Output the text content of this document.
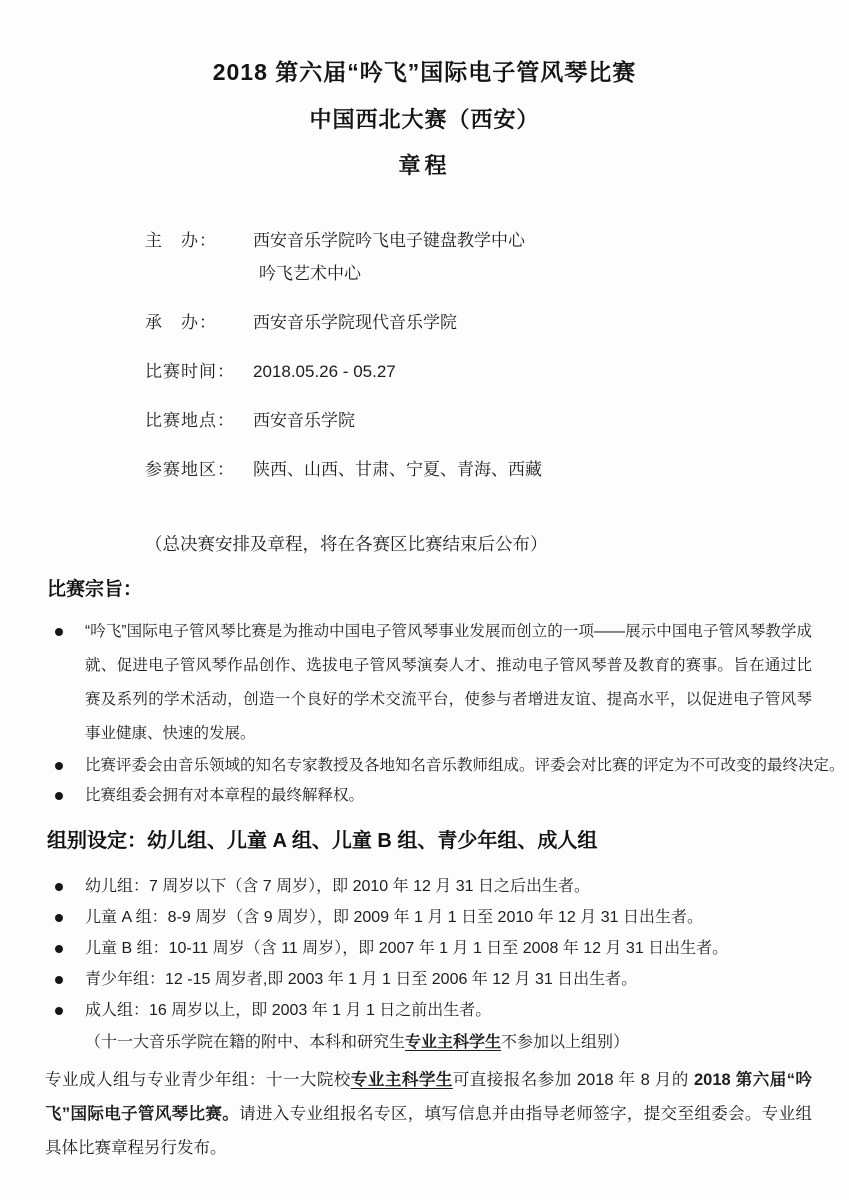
2018 第六届“吟飞”国际电子管风琴比赛
中国西北大赛（西安）
章程
主　办：	西安音乐学院吟飞电子键盘教学中心
吟飞艺术中心
承　办：	西安音乐学院现代音乐学院
比赛时间：	2018.05.26 - 05.27
比赛地点：	西安音乐学院
参赛地区：	陕西、山西、甘肃、宁夏、青海、西藏

（总决赛安排及章程，将在各赛区比赛结束后公布）

比赛宗旨：
“吟飞”国际电子管风琴比赛是为推动中国电子管风琴事业发展而创立的一项——展示中国电子管风琴教学成就、促进电子管风琴作品创作、选拔电子管风琴演奏人才、推动电子管风琴普及教育的赛事。旨在通过比赛及系列的学术活动，创造一个良好的学术交流平台，使参与者增进友谊、提高水平，以促进电子管风琴事业健康、快速的发展。
比赛评委会由音乐领域的知名专家教授及各地知名音乐教师组成。评委会对比赛的评定为不可改变的最终决定。
比赛组委会拥有对本章程的最终解释权。
组别设定：幼儿组、儿童 A 组、儿童 B 组、青少年组、成人组
幼儿组：7 周岁以下（含 7 周岁），即 2010 年 12 月 31 日之后出生者。
儿童 A 组：8-9 周岁（含 9 周岁），即 2009 年 1 月 1 日至 2010 年 12 月 31 日出生者。
儿童 B 组：10-11 周岁（含 11 周岁），即 2007 年 1 月 1 日至 2008 年 12 月 31 日出生者。
青少年组：12 -15 周岁者,即 2003 年 1 月 1 日至 2006 年 12 月 31 日出生者。
成人组：16 周岁以上，即 2003 年 1 月 1 日之前出生者。

（十一大音乐学院在籍的附中、本科和研究生专业主科学生不参加以上组别）

专业成人组与专业青少年组：十一大院校专业主科学生可直接报名参加 2018 年 8 月的 2018 第六届“吟飞”国际电子管风琴比赛。请进入专业组报名专区，填写信息并由指导老师签字，提交至组委会。专业组具体比赛章程另行发布。
